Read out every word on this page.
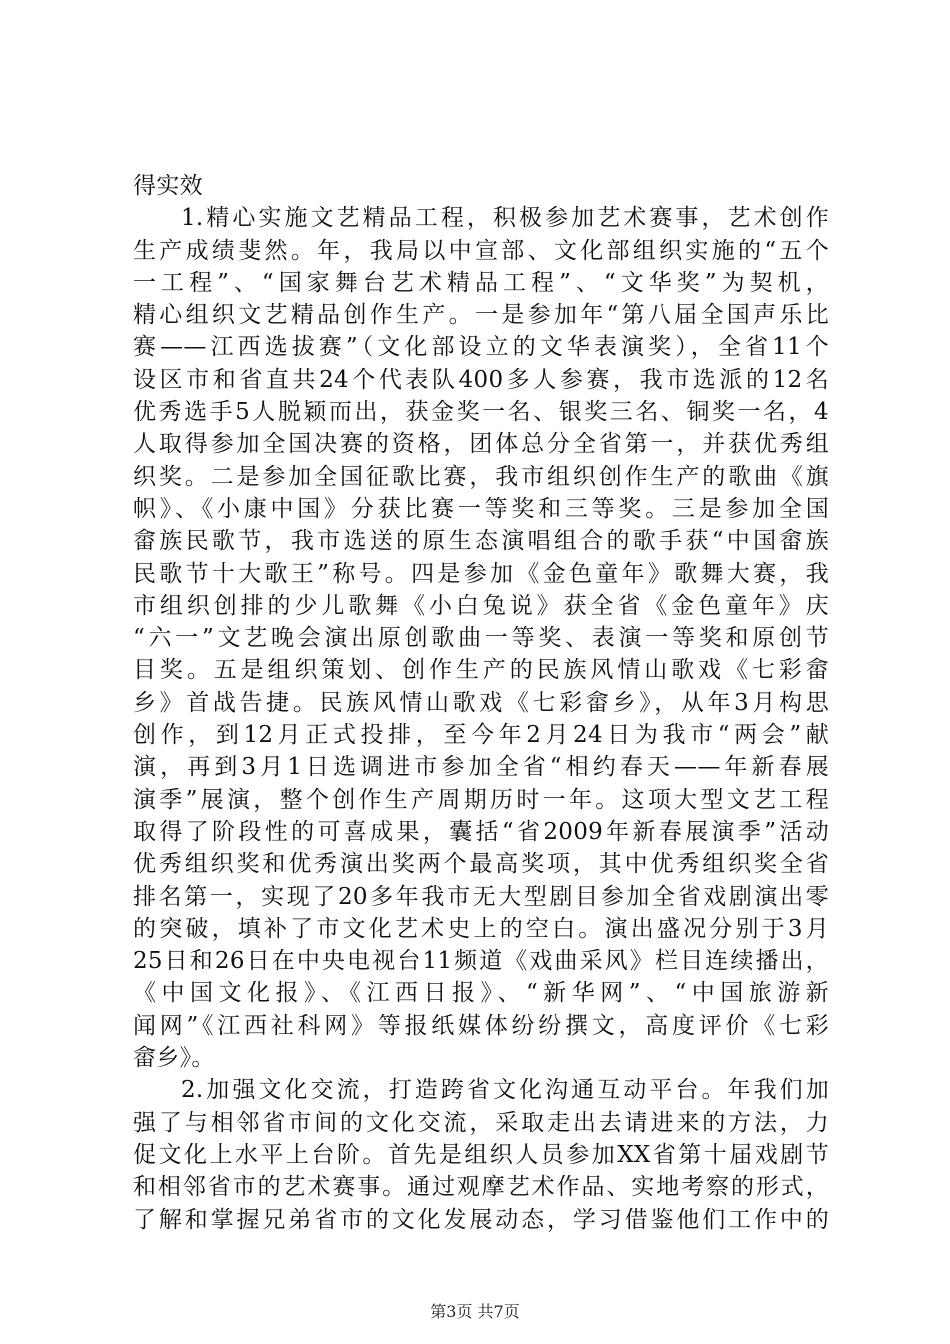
得实效
1.精心实施文艺精品工程，积极参加艺术赛事，艺术创作
生产成绩斐然。年，我局以中宣部、文化部组织实施的“五个
一工程”、“国家舞台艺术精品工程”、“文华奖”为契机，
精心组织文艺精品创作生产。一是参加年“第八届全国声乐比
赛——江西选拔赛”（文化部设立的文华表演奖），全省11个
设区市和省直共24个代表队400多人参赛，我市选派的12名
优秀选手5人脱颖而出，获金奖一名、银奖三名、铜奖一名，4
人取得参加全国决赛的资格，团体总分全省第一，并获优秀组
织奖。二是参加全国征歌比赛，我市组织创作生产的歌曲《旗
帜》、《小康中国》分获比赛一等奖和三等奖。三是参加全国
畲族民歌节，我市选送的原生态演唱组合的歌手获“中国畲族
民歌节十大歌王”称号。四是参加《金色童年》歌舞大赛，我
市组织创排的少儿歌舞《小白兔说》获全省《金色童年》庆
“六一”文艺晚会演出原创歌曲一等奖、表演一等奖和原创节
目奖。五是组织策划、创作生产的民族风情山歌戏《七彩畲
乡》首战告捷。民族风情山歌戏《七彩畲乡》，从年3月构思
创作，到12月正式投排，至今年2月24日为我市“两会”献
演，再到3月1日选调进市参加全省“相约春天——年新春展
演季”展演，整个创作生产周期历时一年。这项大型文艺工程
取得了阶段性的可喜成果，囊括“省2009年新春展演季”活动
优秀组织奖和优秀演出奖两个最高奖项，其中优秀组织奖全省
排名第一，实现了20多年我市无大型剧目参加全省戏剧演出零
的突破，填补了市文化艺术史上的空白。演出盛况分别于3月
25日和26日在中央电视台11频道《戏曲采风》栏目连续播出，
《中国文化报》、《江西日报》、“新华网”、“中国旅游新
闻网”《江西社科网》等报纸媒体纷纷撰文，高度评价《七彩
畲乡》。
2.加强文化交流，打造跨省文化沟通互动平台。年我们加
强了与相邻省市间的文化交流，采取走出去请进来的方法，力
促文化上水平上台阶。首先是组织人员参加XX省第十届戏剧节
和相邻省市的艺术赛事。通过观摩艺术作品、实地考察的形式，
了解和掌握兄弟省市的文化发展动态，学习借鉴他们工作中的
第3页 共7页
